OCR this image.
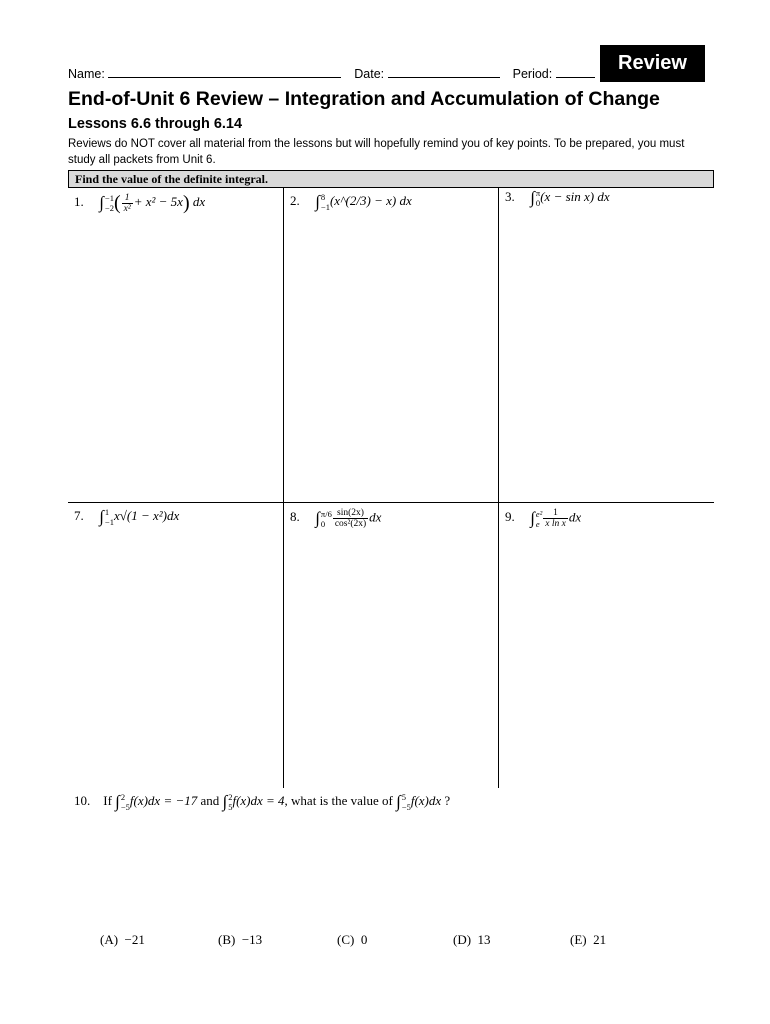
Name:	Date:	Period:	Review
End-of-Unit 6 Review – Integration and Accumulation of Change
Lessons 6.6 through 6.14
Reviews do NOT cover all material from the lessons but will hopefully remind you of key points. To be prepared, you must study all packets from Unit 6.
Find the value of the definite integral.
1. ∫ −1
−2 ( $\frac{1}{\text{x²}} + x^2 - 5x$) dx	2. ∫ 8
−1 (x^(2/3) − x) dx	3. ∫ π
0 (x − sin x) dx
7. ∫ 1
−1 x√(1 − x²)dx	8. ∫ π/6
$0 \frac{\sin(2x)}{\text{cos²(2x)}}$ dx	9. ∫ e²
e $\frac{1}{\text{x ln x}}$ dx
10. If ∫ 2
−5 f(x)dx = −17 and ∫ 2
5 f(x)dx = 4, what is the value of ∫ 5
−5 f(x)dx ?
(A) −21	(B) −13	(C) 0	(D) 13	(E) 21
